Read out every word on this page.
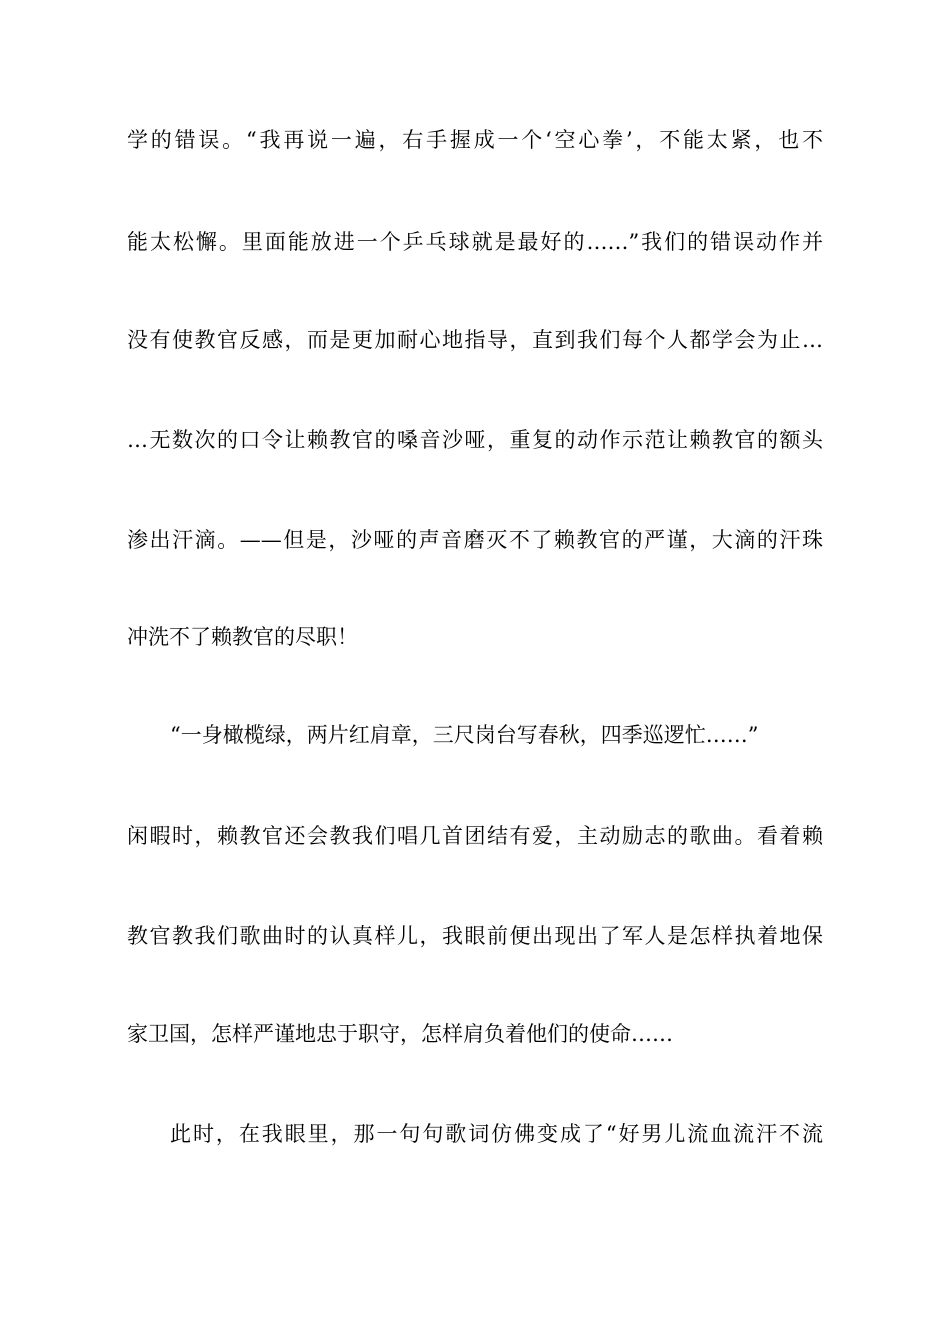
学的错误。“我再说一遍，右手握成一个‘空心拳’，不能太紧，也不
能太松懈。里面能放进一个乒乓球就是最好的……”我们的错误动作并
没有使教官反感，而是更加耐心地指导，直到我们每个人都学会为止…
…无数次的口令让赖教官的嗓音沙哑，重复的动作示范让赖教官的额头
渗出汗滴。——但是，沙哑的声音磨灭不了赖教官的严谨，大滴的汗珠
冲洗不了赖教官的尽职！
“一身橄榄绿，两片红肩章，三尺岗台写春秋，四季巡逻忙……”
闲暇时，赖教官还会教我们唱几首团结有爱，主动励志的歌曲。看着赖
教官教我们歌曲时的认真样儿，我眼前便出现出了军人是怎样执着地保
家卫国，怎样严谨地忠于职守，怎样肩负着他们的使命……
此时，在我眼里，那一句句歌词仿佛变成了“好男儿流血流汗不流
